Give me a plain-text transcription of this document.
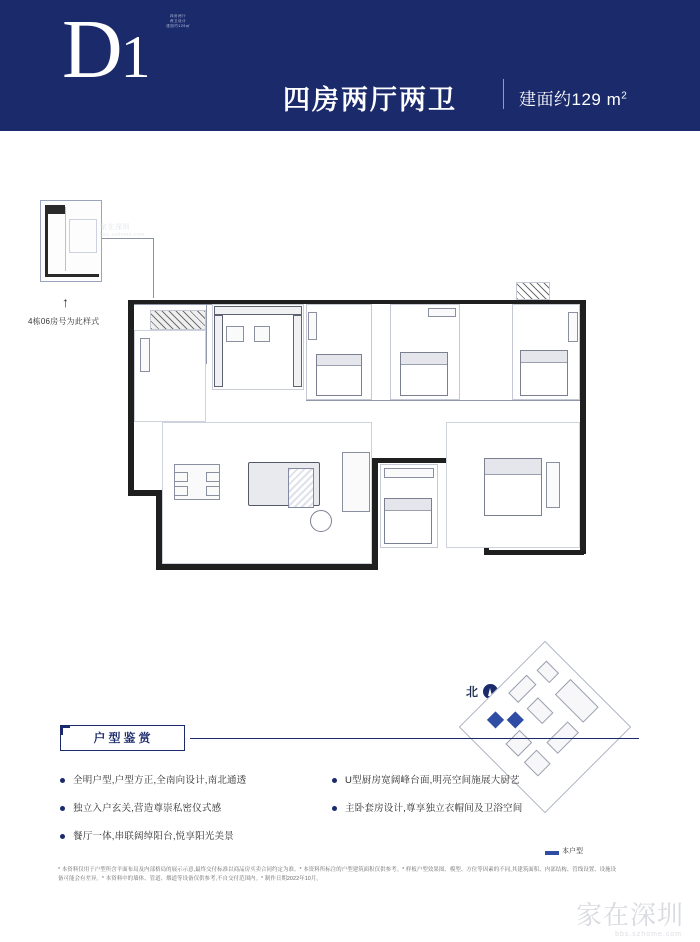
D1
四房两厅
两卫设计
建面约129㎡
四房两厅两卫	建面约129 $m^2$
↑
4栋06房号为此样式
家在深圳
bbs.szhome.com
北
本户型
户型鉴赏
全明户型,户型方正,全南向设计,南北通透
独立入户玄关,营造尊崇私密仪式感
餐厅一体,串联阔绰阳台,悦享阳光美景
U型厨房宽阔峰台面,明亮空间施展大厨艺
主卧套房设计,尊享独立衣帽间及卫浴空间
* 本资料仅用于户型所含平面布局及内部格局的展示示意,最终交付标准以商品房买卖合同约定为准。* 本资料所标注的户型建筑面积仅供参考。* 样板户型效果图、模型、方位等因素的不同,其建筑面积、内部结构、管线设置、设施设
备可能会有差异。* 本资料中的墙体、管道、烟道等设备仅供参考,不自交付范围内。* 制作日期2022年10月。
家在深圳
bbs.szhome.com
